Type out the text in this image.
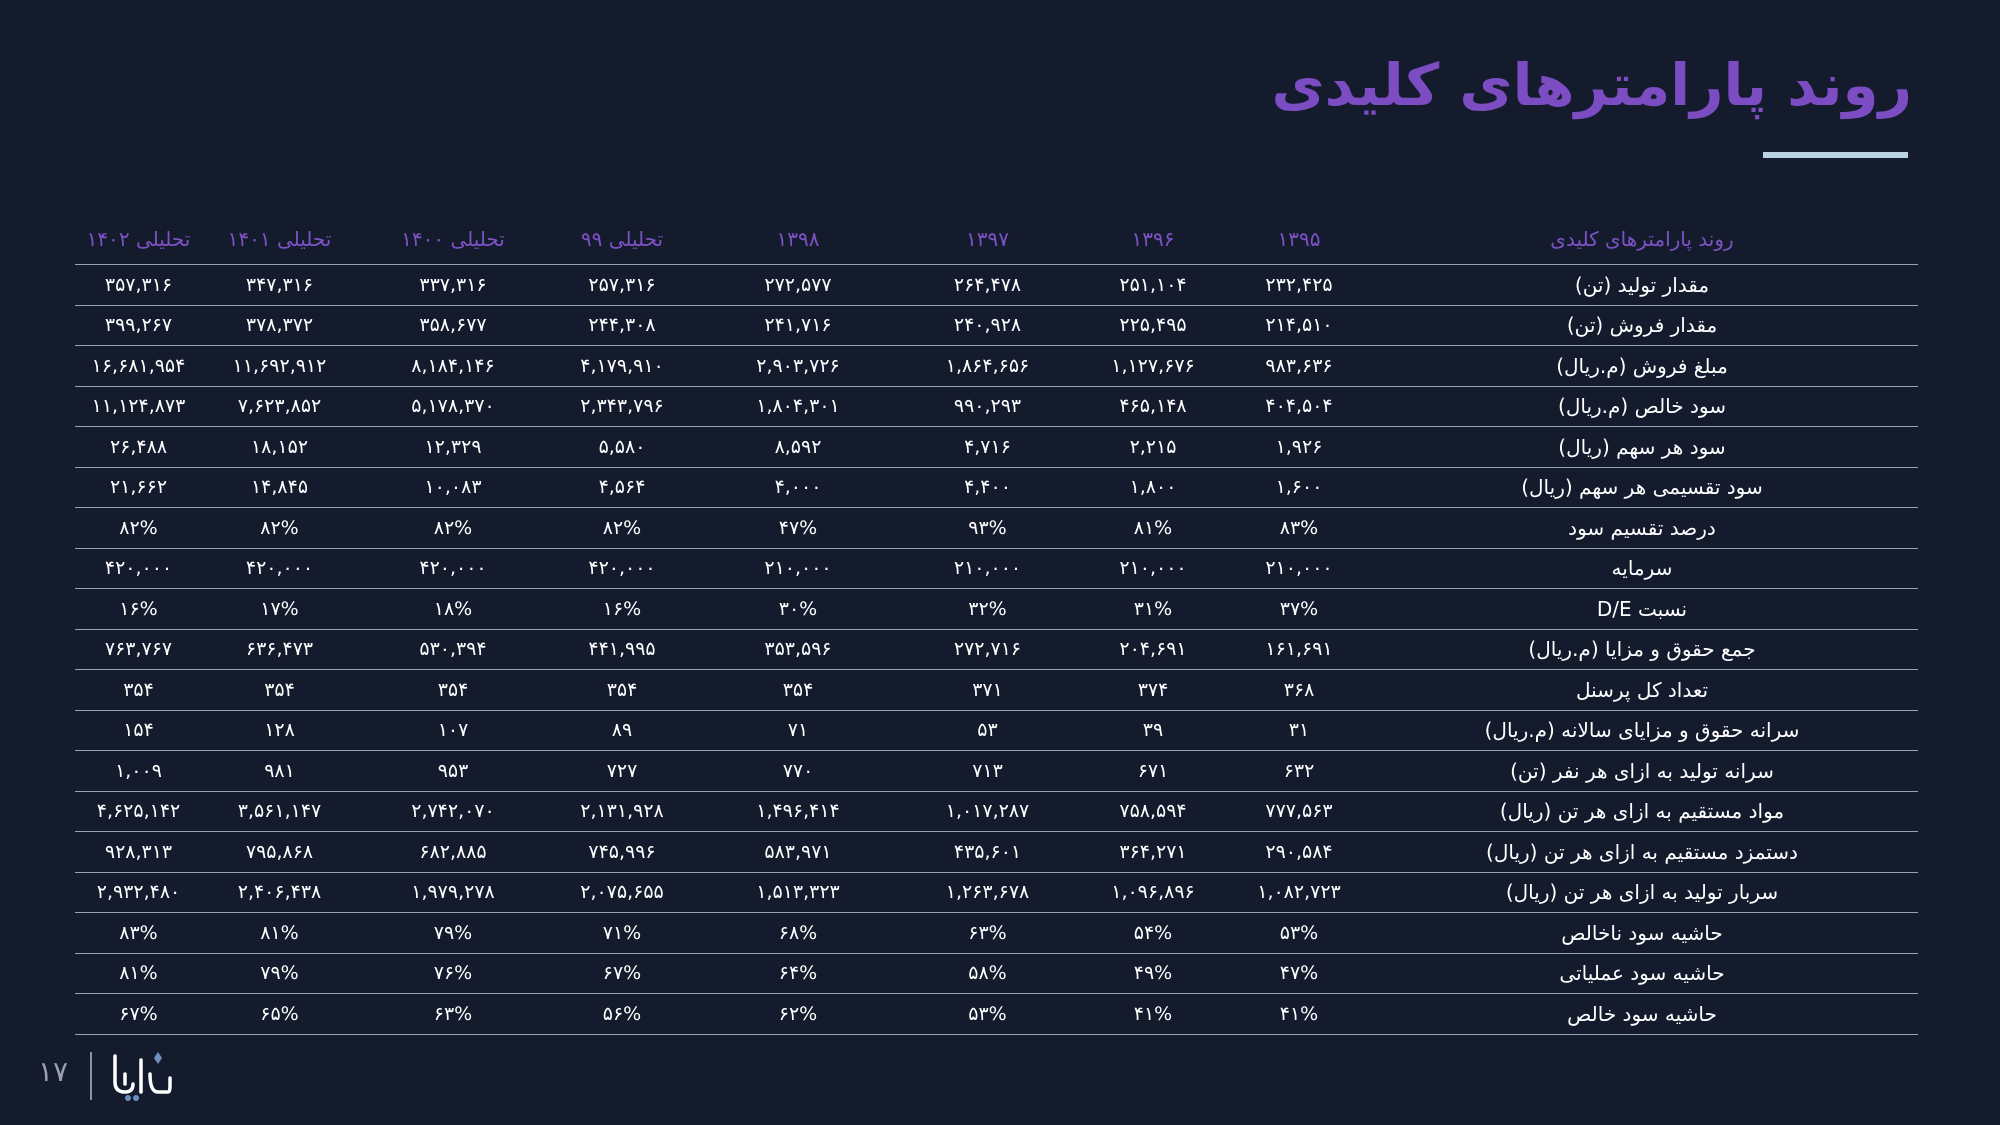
روند پارامترهای کلیدی
روند پارامترهای کلیدی	۱۳۹۵	۱۳۹۶	۱۳۹۷	۱۳۹۸	تحلیلی ۹۹	تحلیلی ۱۴۰۰	تحلیلی ۱۴۰۱	تحلیلی ۱۴۰۲
مقدار تولید (تن)	۲۳۲,۴۲۵	۲۵۱,۱۰۴	۲۶۴,۴۷۸	۲۷۲,۵۷۷	۲۵۷,۳۱۶	۳۳۷,۳۱۶	۳۴۷,۳۱۶	۳۵۷,۳۱۶
مقدار فروش (تن)	۲۱۴,۵۱۰	۲۲۵,۴۹۵	۲۴۰,۹۲۸	۲۴۱,۷۱۶	۲۴۴,۳۰۸	۳۵۸,۶۷۷	۳۷۸,۳۷۲	۳۹۹,۲۶۷
مبلغ فروش (م.ریال)	۹۸۳,۶۳۶	۱,۱۲۷,۶۷۶	۱,۸۶۴,۶۵۶	۲,۹۰۳,۷۲۶	۴,۱۷۹,۹۱۰	۸,۱۸۴,۱۴۶	۱۱,۶۹۲,۹۱۲	۱۶,۶۸۱,۹۵۴
سود خالص (م.ریال)	۴۰۴,۵۰۴	۴۶۵,۱۴۸	۹۹۰,۲۹۳	۱,۸۰۴,۳۰۱	۲,۳۴۳,۷۹۶	۵,۱۷۸,۳۷۰	۷,۶۲۳,۸۵۲	۱۱,۱۲۴,۸۷۳
سود هر سهم (ریال)	۱,۹۲۶	۲,۲۱۵	۴,۷۱۶	۸,۵۹۲	۵,۵۸۰	۱۲,۳۲۹	۱۸,۱۵۲	۲۶,۴۸۸
سود تقسیمی هر سهم (ریال)	۱,۶۰۰	۱,۸۰۰	۴,۴۰۰	۴,۰۰۰	۴,۵۶۴	۱۰,۰۸۳	۱۴,۸۴۵	۲۱,۶۶۲
درصد تقسیم سود	۸۳%	۸۱%	۹۳%	۴۷%	۸۲%	۸۲%	۸۲%	۸۲%
سرمایه	۲۱۰,۰۰۰	۲۱۰,۰۰۰	۲۱۰,۰۰۰	۲۱۰,۰۰۰	۴۲۰,۰۰۰	۴۲۰,۰۰۰	۴۲۰,۰۰۰	۴۲۰,۰۰۰
نسبت D/E	۳۷%	۳۱%	۳۲%	۳۰%	۱۶%	۱۸%	۱۷%	۱۶%
جمع حقوق و مزایا (م.ریال)	۱۶۱,۶۹۱	۲۰۴,۶۹۱	۲۷۲,۷۱۶	۳۵۳,۵۹۶	۴۴۱,۹۹۵	۵۳۰,۳۹۴	۶۳۶,۴۷۳	۷۶۳,۷۶۷
تعداد کل پرسنل	۳۶۸	۳۷۴	۳۷۱	۳۵۴	۳۵۴	۳۵۴	۳۵۴	۳۵۴
سرانه حقوق و مزایای سالانه (م.ریال)	۳۱	۳۹	۵۳	۷۱	۸۹	۱۰۷	۱۲۸	۱۵۴
سرانه تولید به ازای هر نفر (تن)	۶۳۲	۶۷۱	۷۱۳	۷۷۰	۷۲۷	۹۵۳	۹۸۱	۱,۰۰۹
مواد مستقیم به ازای هر تن (ریال)	۷۷۷,۵۶۳	۷۵۸,۵۹۴	۱,۰۱۷,۲۸۷	۱,۴۹۶,۴۱۴	۲,۱۳۱,۹۲۸	۲,۷۴۲,۰۷۰	۳,۵۶۱,۱۴۷	۴,۶۲۵,۱۴۲
دستمزد مستقیم به ازای هر تن (ریال)	۲۹۰,۵۸۴	۳۶۴,۲۷۱	۴۳۵,۶۰۱	۵۸۳,۹۷۱	۷۴۵,۹۹۶	۶۸۲,۸۸۵	۷۹۵,۸۶۸	۹۲۸,۳۱۳
سربار تولید به ازای هر تن (ریال)	۱,۰۸۲,۷۲۳	۱,۰۹۶,۸۹۶	۱,۲۶۳,۶۷۸	۱,۵۱۳,۳۲۳	۲,۰۷۵,۶۵۵	۱,۹۷۹,۲۷۸	۲,۴۰۶,۴۳۸	۲,۹۳۲,۴۸۰
حاشیه سود ناخالص	۵۳%	۵۴%	۶۳%	۶۸%	۷۱%	۷۹%	۸۱%	۸۳%
حاشیه سود عملیاتی	۴۷%	۴۹%	۵۸%	۶۴%	۶۷%	۷۶%	۷۹%	۸۱%
حاشیه سود خالص	۴۱%	۴۱%	۵۳%	۶۲%	۵۶%	۶۳%	۶۵%	۶۷%
۱۷
